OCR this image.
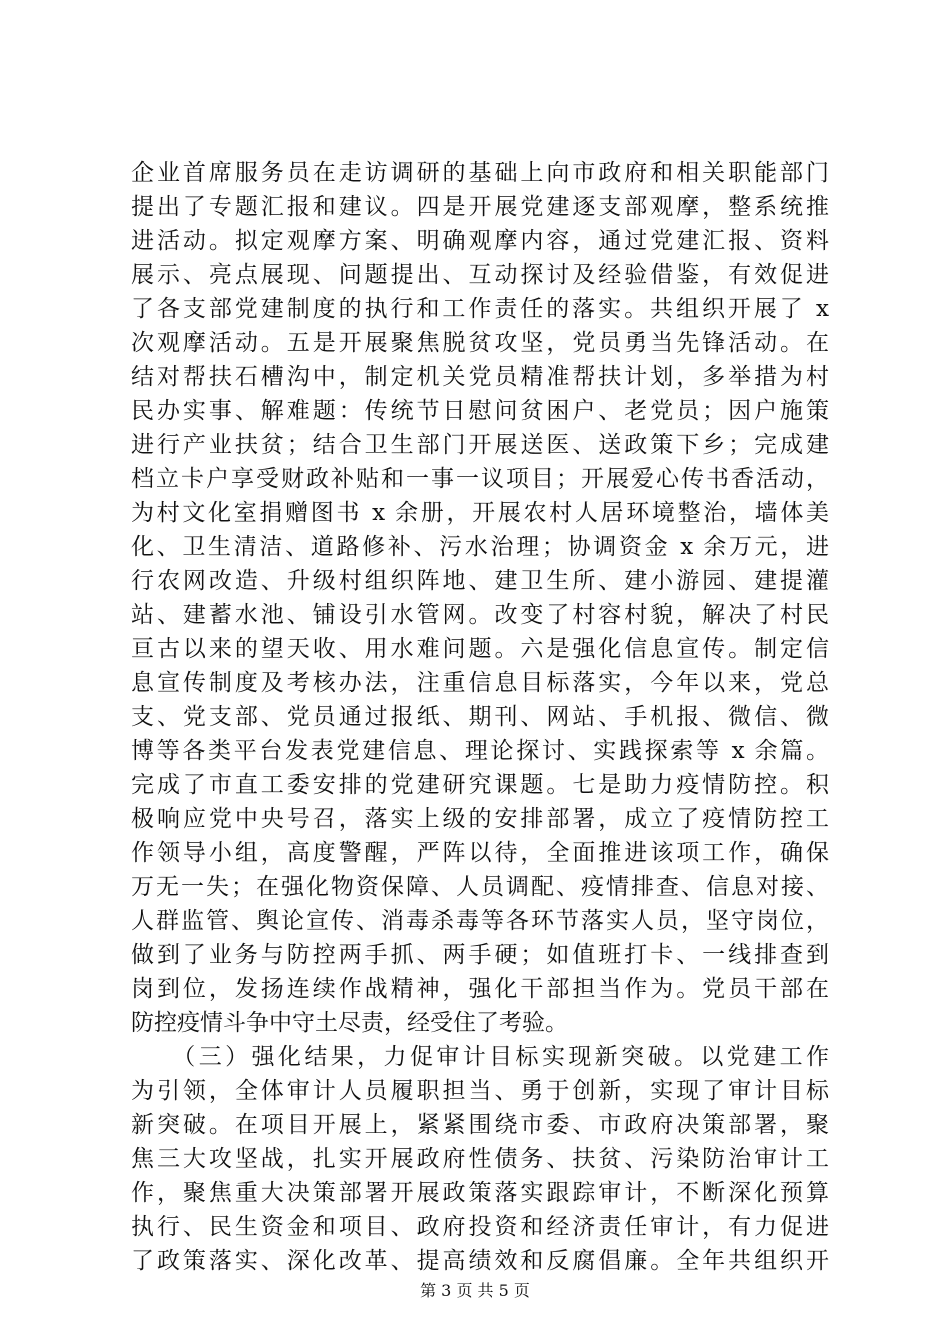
企业首席服务员在走访调研的基础上向市政府和相关职能部门
提出了专题汇报和建议。四是开展党建逐支部观摩，整系统推
进活动。拟定观摩方案、明确观摩内容，通过党建汇报、资料
展示、亮点展现、问题提出、互动探讨及经验借鉴，有效促进
了各支部党建制度的执行和工作责任的落实。共组织开展了 x
次观摩活动。五是开展聚焦脱贫攻坚，党员勇当先锋活动。在
结对帮扶石槽沟中，制定机关党员精准帮扶计划，多举措为村
民办实事、解难题：传统节日慰问贫困户、老党员；因户施策
进行产业扶贫；结合卫生部门开展送医、送政策下乡；完成建
档立卡户享受财政补贴和一事一议项目；开展爱心传书香活动，
为村文化室捐赠图书 x 余册，开展农村人居环境整治，墙体美
化、卫生清洁、道路修补、污水治理；协调资金 x 余万元，进
行农网改造、升级村组织阵地、建卫生所、建小游园、建提灌
站、建蓄水池、铺设引水管网。改变了村容村貌，解决了村民
亘古以来的望天收、用水难问题。六是强化信息宣传。制定信
息宣传制度及考核办法，注重信息目标落实，今年以来，党总
支、党支部、党员通过报纸、期刊、网站、手机报、微信、微
博等各类平台发表党建信息、理论探讨、实践探索等 x 余篇。
完成了市直工委安排的党建研究课题。七是助力疫情防控。积
极响应党中央号召，落实上级的安排部署，成立了疫情防控工
作领导小组，高度警醒，严阵以待，全面推进该项工作，确保
万无一失；在强化物资保障、人员调配、疫情排查、信息对接、
人群监管、舆论宣传、消毒杀毒等各环节落实人员，坚守岗位，
做到了业务与防控两手抓、两手硬；如值班打卡、一线排查到
岗到位，发扬连续作战精神，强化干部担当作为。党员干部在
防控疫情斗争中守土尽责，经受住了考验。
　　（三）强化结果，力促审计目标实现新突破。以党建工作
为引领，全体审计人员履职担当、勇于创新，实现了审计目标
新突破。在项目开展上，紧紧围绕市委、市政府决策部署，聚
焦三大攻坚战，扎实开展政府性债务、扶贫、污染防治审计工
作，聚焦重大决策部署开展政策落实跟踪审计，不断深化预算
执行、民生资金和项目、政府投资和经济责任审计，有力促进
了政策落实、深化改革、提高绩效和反腐倡廉。全年共组织开
第 3 页 共 5 页
